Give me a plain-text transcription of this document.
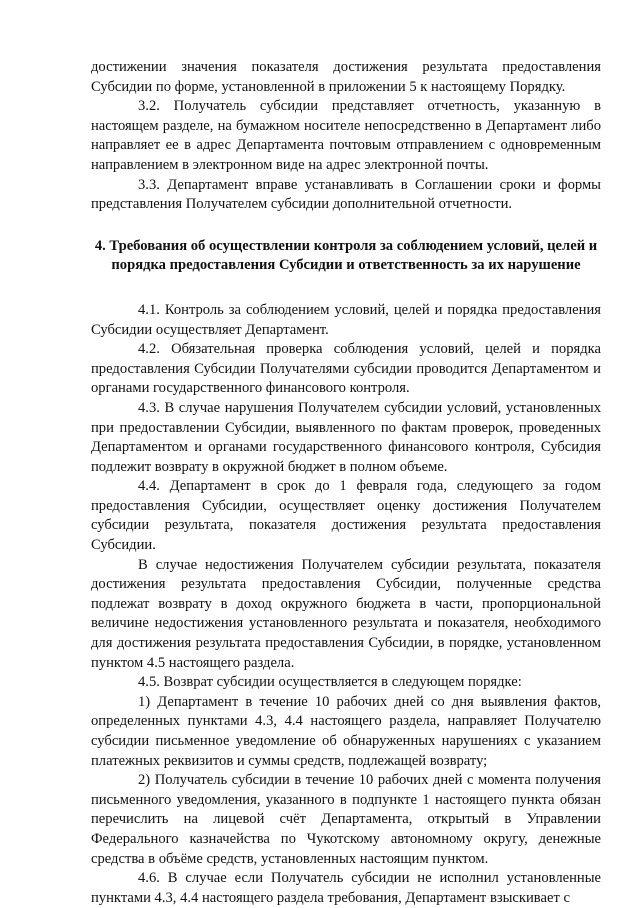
достижении значения показателя достижения результата предоставления Субсидии по форме, установленной в приложении 5 к настоящему Порядку.

3.2. Получатель субсидии представляет отчетность, указанную в настоящем разделе, на бумажном носителе непосредственно в Департамент либо направляет ее в адрес Департамента почтовым отправлением с одновременным направлением в электронном виде на адрес электронной почты.

3.3. Департамент вправе устанавливать в Соглашении сроки и формы представления Получателем субсидии дополнительной отчетности.

4. Требования об осуществлении контроля за соблюдением условий, целей и порядка предоставления Субсидии и ответственность за их нарушение

4.1. Контроль за соблюдением условий, целей и порядка предоставления Субсидии осуществляет Департамент.

4.2. Обязательная проверка соблюдения условий, целей и порядка предоставления Субсидии Получателями субсидии проводится Департаментом и органами государственного финансового контроля.

4.3. В случае нарушения Получателем субсидии условий, установленных при предоставлении Субсидии, выявленного по фактам проверок, проведенных Департаментом и органами государственного финансового контроля, Субсидия подлежит возврату в окружной бюджет в полном объеме.

4.4. Департамент в срок до 1 февраля года, следующего за годом предоставления Субсидии, осуществляет оценку достижения Получателем субсидии результата, показателя достижения результата предоставления Субсидии.

В случае недостижения Получателем субсидии результата, показателя достижения результата предоставления Субсидии, полученные средства подлежат возврату в доход окружного бюджета в части, пропорциональной величине недостижения установленного результата и показателя, необходимого для достижения результата предоставления Субсидии, в порядке, установленном пунктом 4.5 настоящего раздела.

4.5. Возврат субсидии осуществляется в следующем порядке:

1) Департамент в течение 10 рабочих дней со дня выявления фактов, определенных пунктами 4.3, 4.4 настоящего раздела, направляет Получателю субсидии письменное уведомление об обнаруженных нарушениях с указанием платежных реквизитов и суммы средств, подлежащей возврату;

2) Получатель субсидии в течение 10 рабочих дней с момента получения письменного уведомления, указанного в подпункте 1 настоящего пункта обязан перечислить на лицевой счёт Департамента, открытый в Управлении Федерального казначейства по Чукотскому автономному округу, денежные средства в объёме средств, установленных настоящим пунктом.

4.6. В случае если Получатель субсидии не исполнил установленные пунктами 4.3, 4.4 настоящего раздела требования, Департамент взыскивает с
